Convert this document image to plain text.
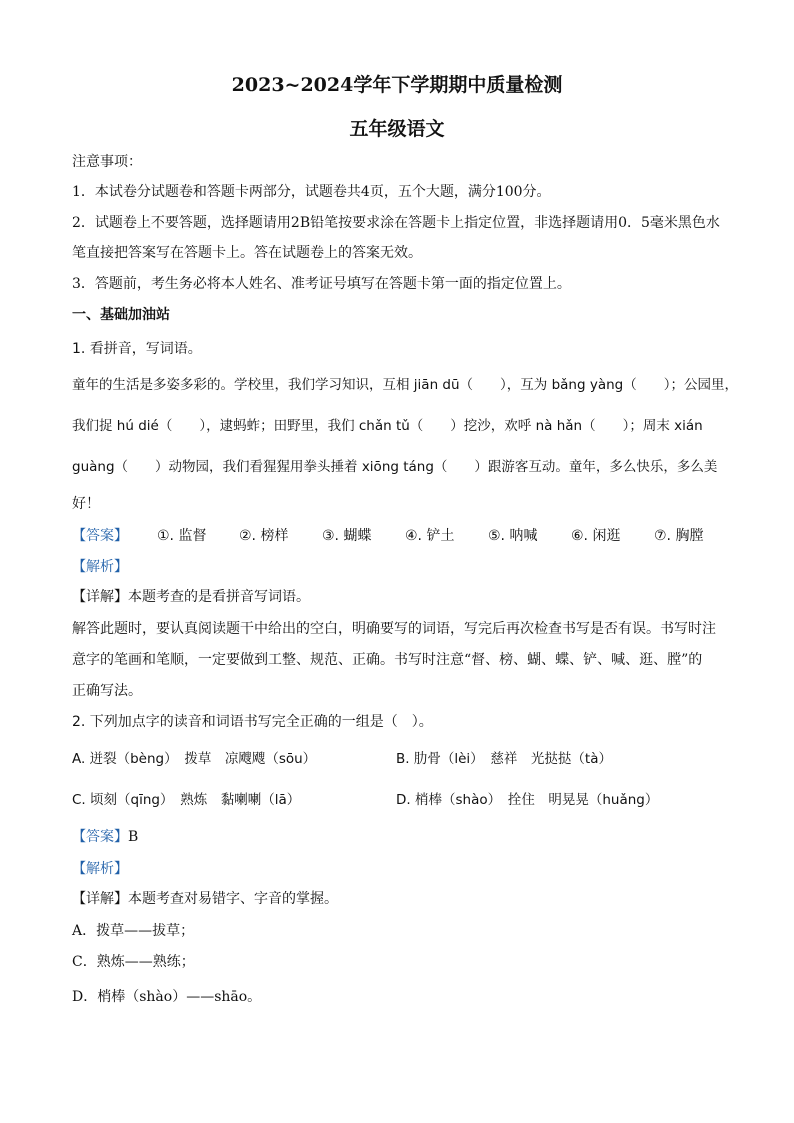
2023~2024学年下学期期中质量检测
五年级语文
注意事项：
1．本试卷分试题卷和答题卡两部分，试题卷共4页，五个大题，满分100分。
2．试题卷上不要答题，选择题请用2B铅笔按要求涂在答题卡上指定位置，非选择题请用0．5毫米黑色水
笔直接把答案写在答题卡上。答在试题卷上的答案无效。
3．答题前，考生务必将本人姓名、准考证号填写在答题卡第一面的指定位置上。
一、基础加油站
1. 看拼音，写词语。
童年的生活是多姿多彩的。学校里，我们学习知识，互相 jiān dū（　　），互为 bǎng yàng（　　）；公园里，
我们捉 hú dié（　　），逮蚂蚱；田野里，我们 chǎn tǔ（　　）挖沙，欢呼 nà hǎn（　　）；周末 xián
guàng（　　）动物园，我们看猩猩用拳头捶着 xiōng táng（　　）跟游客互动。童年，多么快乐，多么美
好！
【答案】 ①. 监督 ②. 榜样 ③. 蝴蝶 ④. 铲土 ⑤. 呐喊 ⑥. 闲逛 ⑦. 胸膛
【解析】
【详解】本题考查的是看拼音写词语。
解答此题时，要认真阅读题干中给出的空白，明确要写的词语，写完后再次检查书写是否有误。书写时注
意字的笔画和笔顺，一定要做到工整、规范、正确。书写时注意“督、榜、蝴、蝶、铲、喊、逛、膛”的
正确写法。
2. 下列加点字的读音和词语书写完全正确的一组是（　）。
A. 迸裂（bèng）　拨草　凉飕飕（sōu）	B. 肋骨（lèi）　慈祥　光挞挞（tà）
C. 顷刻（qīng）　熟炼　黏喇喇（lā）	D. 梢棒（shào）　拴住　明晃晃（huǎng）
【答案】B
【解析】
【详解】本题考查对易错字、字音的掌握。
A．拨草——拔草；
C．熟炼——熟练；
D．梢棒（shào）——shāo。
